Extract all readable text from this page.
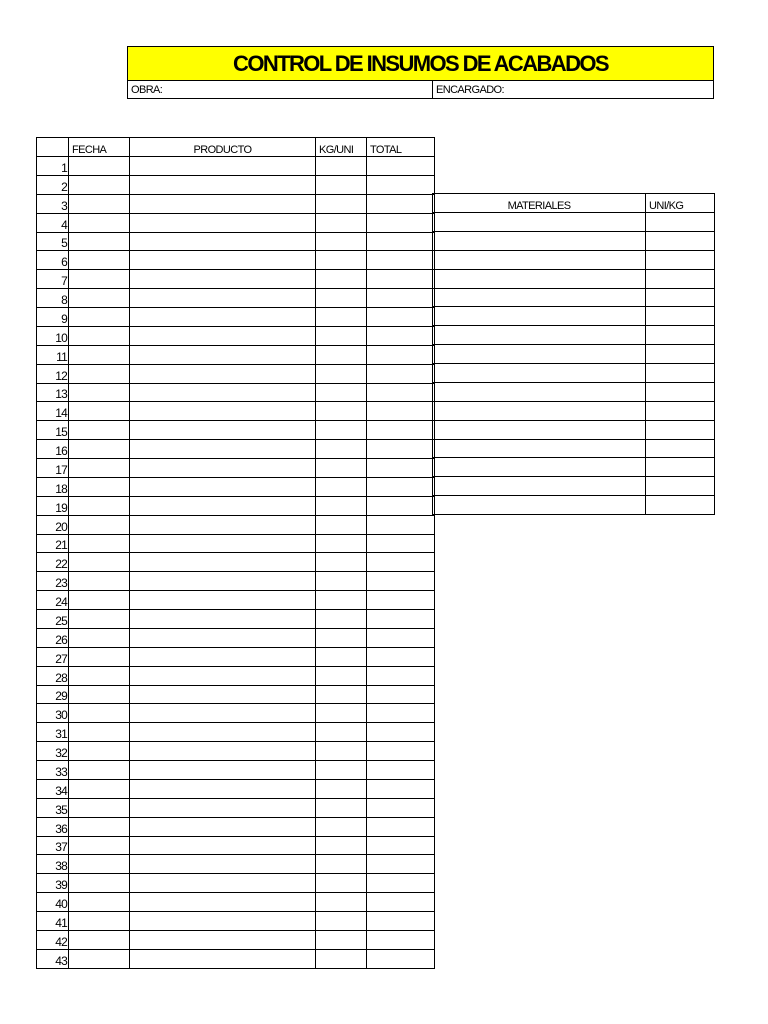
CONTROL DE INSUMOS DE ACABADOS
OBRA:	ENCARGADO:
	FECHA	PRODUCTO	KG/UNI	TOTAL
1				
2				
3				
4				
5				
6				
7				
8				
9				
10				
11				
12				
13				
14				
15				
16				
17				
18				
19				
20				
21				
22				
23				
24				
25				
26				
27				
28				
29				
30				
31				
32				
33				
34				
35				
36				
37				
38				
39				
40				
41				
42				
43				
MATERIALES	UNI/KG
